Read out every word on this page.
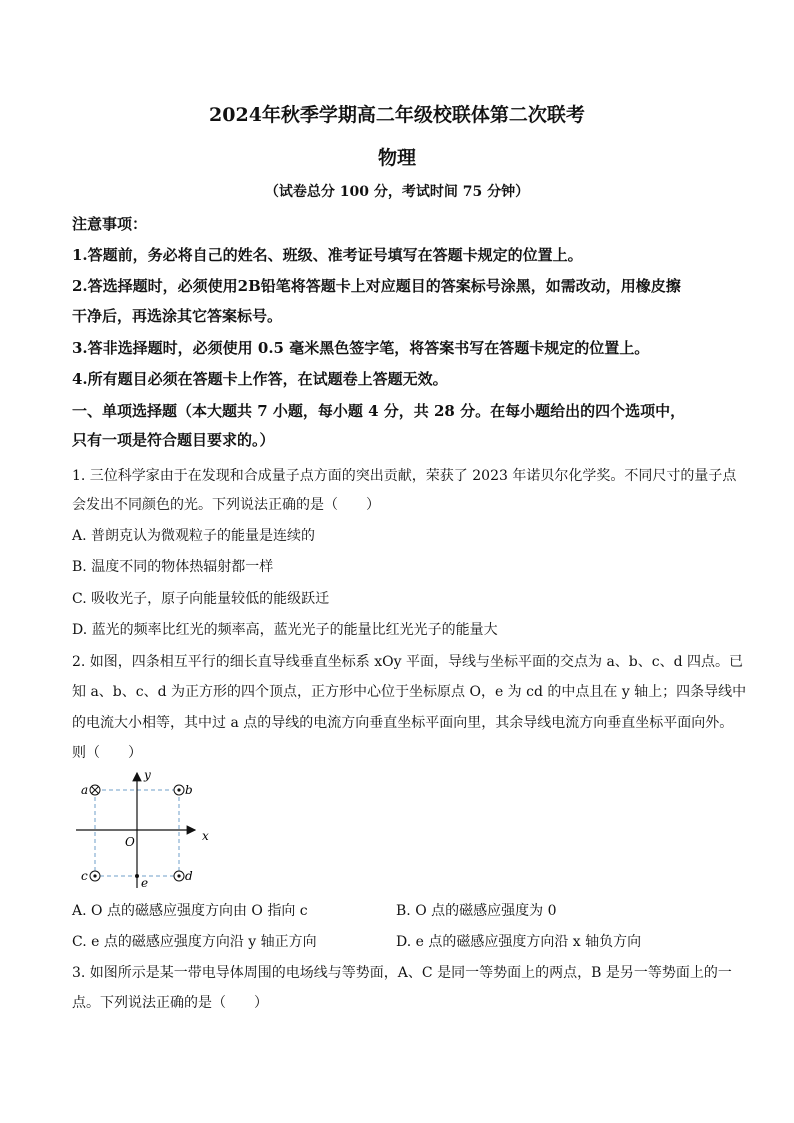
2024年秋季学期高二年级校联体第二次联考
物理
（试卷总分 100 分，考试时间 75 分钟）
注意事项：
1.答题前，务必将自己的姓名、班级、准考证号填写在答题卡规定的位置上。
2.答选择题时，必须使用2B铅笔将答题卡上对应题目的答案标号涂黑，如需改动，用橡皮擦
干净后，再选涂其它答案标号。
3.答非选择题时，必须使用 0.5 毫米黑色签字笔，将答案书写在答题卡规定的位置上。
4.所有题目必须在答题卡上作答，在试题卷上答题无效。
一、单项选择题（本大题共 7 小题，每小题 4 分，共 28 分。在每小题给出的四个选项中，
只有一项是符合题目要求的。）
1. 三位科学家由于在发现和合成量子点方面的突出贡献，荣获了 2023 年诺贝尔化学奖。不同尺寸的量子点
会发出不同颜色的光。下列说法正确的是（　　）
A. 普朗克认为微观粒子的能量是连续的
B. 温度不同的物体热辐射都一样
C. 吸收光子，原子向能量较低的能级跃迁
D. 蓝光的频率比红光的频率高，蓝光光子的能量比红光光子的能量大
2. 如图，四条相互平行的细长直导线垂直坐标系 xOy 平面，导线与坐标平面的交点为 a、b、c、d 四点。已
知 a、b、c、d 为正方形的四个顶点，正方形中心位于坐标原点 O，e 为 cd 的中点且在 y 轴上；四条导线中
的电流大小相等，其中过 a 点的导线的电流方向垂直坐标平面向里，其余导线电流方向垂直坐标平面向外。
则（　　）
a	b
c	d
e
O	x
y
A. O 点的磁感应强度方向由 O 指向 c	B. O 点的磁感应强度为 0
C. e 点的磁感应强度方向沿 y 轴正方向	D. e 点的磁感应强度方向沿 x 轴负方向
3. 如图所示是某一带电导体周围的电场线与等势面，A、C 是同一等势面上的两点，B 是另一等势面上的一
点。下列说法正确的是（　　）
